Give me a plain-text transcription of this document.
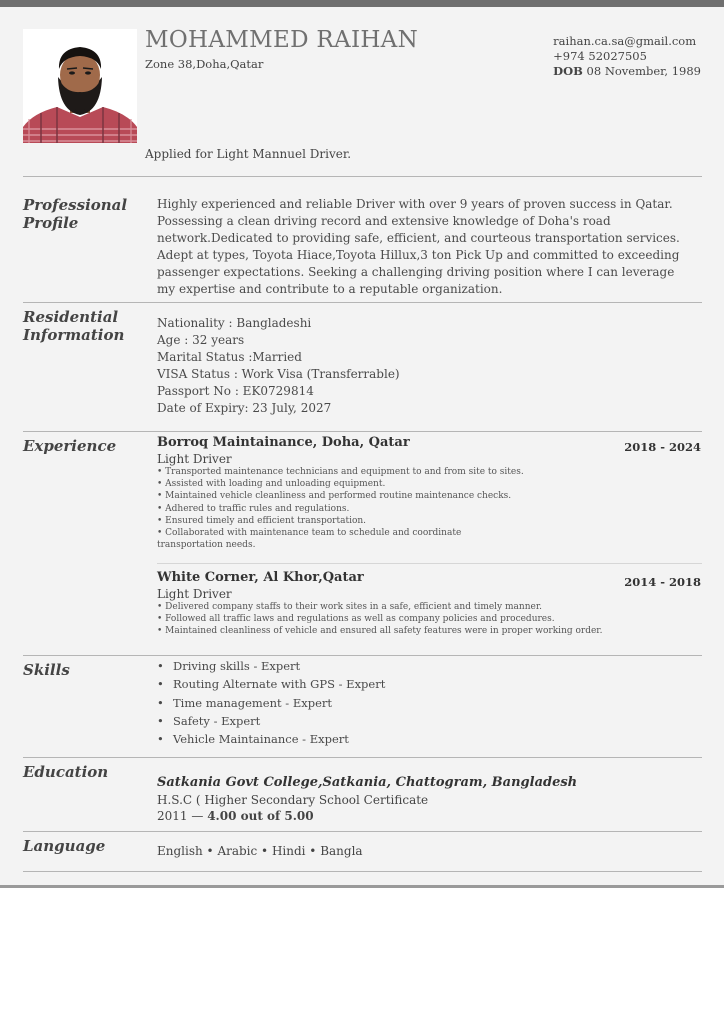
MOHAMMED RAIHAN
Zone 38,Doha,Qatar
raihan.ca.sa@gmail.com
+974 52027505
DOB 08 November, 1989
Applied for Light Mannuel Driver.
Professional
Profile
Highly experienced and reliable Driver with over 9 years of proven success in Qatar. Possessing a clean driving record and extensive knowledge of Doha's road network.Dedicated to providing safe, efficient, and courteous transportation services. Adept at types, Toyota Hiace,Toyota Hillux,3 ton Pick Up and committed to exceeding passenger expectations. Seeking a challenging driving position where I can leverage my expertise and contribute to a reputable organization.
Residential
Information
Nationality : Bangladeshi
Age : 32 years
Marital Status :Married
VISA Status : Work Visa (Transferrable)
Passport No : EK0729814
Date of Expiry: 23 July, 2027
Experience	Borroq Maintainance, Doha, Qatar	2018 - 2024
Light Driver
• Transported maintenance technicians and equipment to and from site to sites.
• Assisted with loading and unloading equipment.
• Maintained vehicle cleanliness and performed routine maintenance checks.
• Adhered to traffic rules and regulations.
• Ensured timely and efficient transportation.
• Collaborated with maintenance team to schedule and coordinate transportation needs.
White Corner, Al Khor,Qatar	2014 - 2018
Light Driver
• Delivered company staffs to their work sites in a safe, efficient and timely manner.
• Followed all traffic laws and regulations as well as company policies and procedures.
• Maintained cleanliness of vehicle and ensured all safety features were in proper working order.
Skills
•	Driving skills - Expert
• Routing Alternate with GPS - Expert
• Time management - Expert
• Safety - Expert
• Vehicle Maintainance - Expert
Education
Satkania Govt College,Satkania, Chattogram, Bangladesh
H.S.C ( Higher Secondary School Certificate
2011 — 4.00 out of 5.00
Language	English • Arabic • Hindi • Bangla
